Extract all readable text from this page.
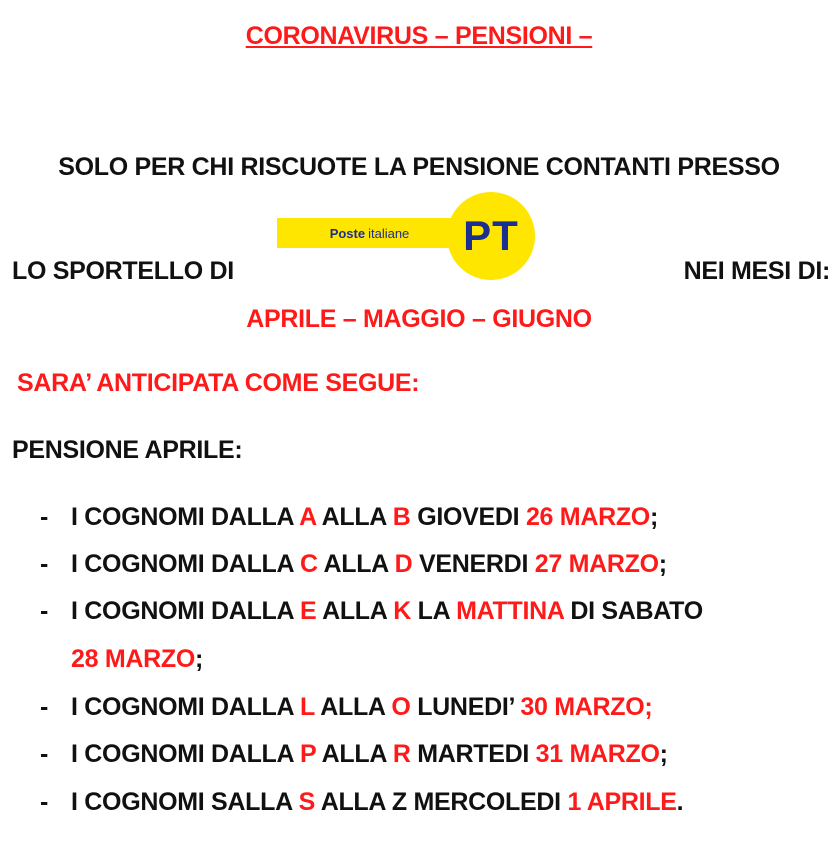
CORONAVIRUS – PENSIONI –
SOLO PER CHI RISCUOTE LA PENSIONE CONTANTI PRESSO
LO SPORTELLO DI
Poste italiane	PT
NEI MESI DI:
APRILE – MAGGIO – GIUGNO
SARA’ ANTICIPATA COME SEGUE:
PENSIONE APRILE:
- I COGNOMI DALLA A ALLA B GIOVEDI 26 MARZO;
- I COGNOMI DALLA C ALLA D VENERDI 27 MARZO;
- I COGNOMI DALLA E ALLA K LA MATTINA DI SABATO
28 MARZO;
- I COGNOMI DALLA L ALLA O LUNEDI’ 30 MARZO;
- I COGNOMI DALLA P ALLA R MARTEDI 31 MARZO;
- I COGNOMI SALLA S ALLA Z MERCOLEDI 1 APRILE.
